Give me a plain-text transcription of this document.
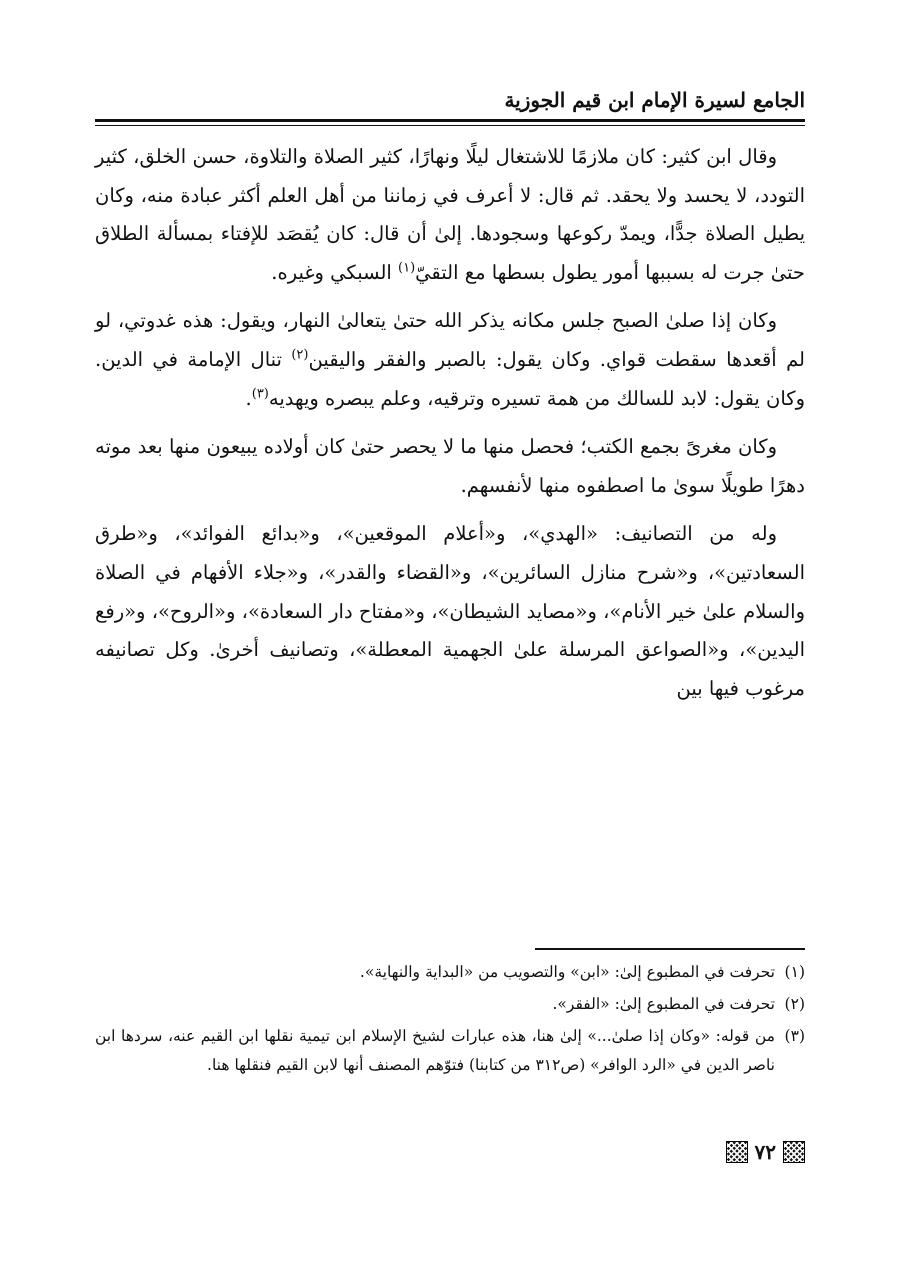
الجامع لسيرة الإمام ابن قيم الجوزية

وقال ابن كثير: كان ملازمًا للاشتغال ليلًا ونهارًا، كثير الصلاة والتلاوة، حسن الخلق، كثير التودد، لا يحسد ولا يحقد. ثم قال: لا أعرف في زماننا من أهل العلم أكثر عبادة منه، وكان يطيل الصلاة جدًّا، ويمدّ ركوعها وسجودها. إلىٰ أن قال: كان يُقصَد للإفتاء بمسألة الطلاق حتىٰ جرت له بسببها أمور يطول بسطها مع التقيّ$^{(١)}$ السبكي وغيره.

وكان إذا صلىٰ الصبح جلس مكانه يذكر الله حتىٰ يتعالىٰ النهار، ويقول: هذه غدوتي، لو لم أقعدها سقطت قواي. وكان يقول: بالصبر والفقر واليقين$^{(٢)}$ تنال الإمامة في الدين. وكان يقول: لابد للسالك من همة تسيره وترقيه، وعلم يبصره ويهديه$^{(٣)}$.

وكان مغرىً بجمع الكتب؛ فحصل منها ما لا يحصر حتىٰ كان أولاده يبيعون منها بعد موته دهرًا طويلًا سوىٰ ما اصطفوه منها لأنفسهم.

وله من التصانيف: «الهدي»، و«أعلام الموقعين»، و«بدائع الفوائد»، و«طرق السعادتين»، و«شرح منازل السائرين»، و«القضاء والقدر»، و«جلاء الأفهام في الصلاة والسلام علىٰ خير الأنام»، و«مصايد الشيطان»، و«مفتاح دار السعادة»، و«الروح»، و«رفع اليدين»، و«الصواعق المرسلة علىٰ الجهمية المعطلة»، وتصانيف أخرىٰ. وكل تصانيفه مرغوب فيها بين

(١)تحرفت في المطبوع إلىٰ: «ابن» والتصويب من «البداية والنهاية».
(٢)تحرفت في المطبوع إلىٰ: «الفقر».
(٣)من قوله: «وكان إذا صلىٰ...» إلىٰ هنا، هذه عبارات لشيخ الإسلام ابن تيمية نقلها ابن القيم عنه، سردها ابن ناصر الدين في «الرد الوافر» (ص٣١٢ من كتابنا) فتوّهم المصنف أنها لابن القيم فنقلها هنا.
٧٢
